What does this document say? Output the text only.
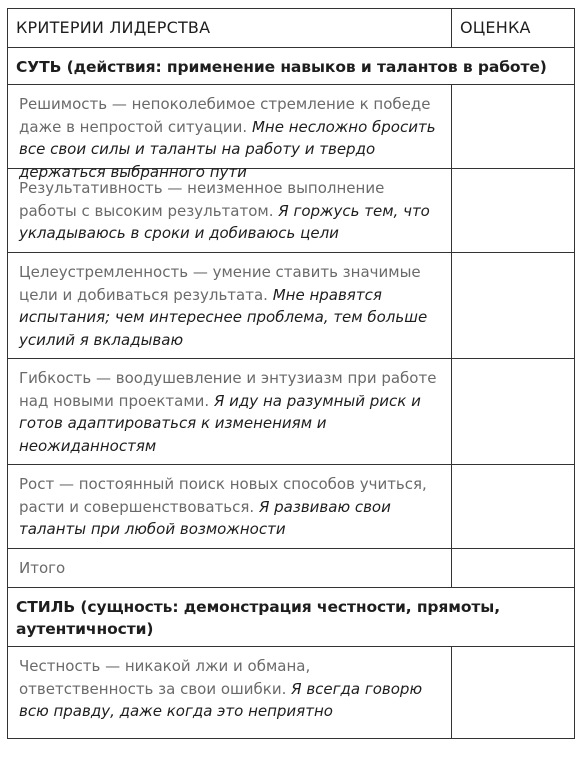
КРИТЕРИИ ЛИДЕРСТВА	ОЦЕНКА

СУТЬ (действия: применение навыков и талантов в работе)	

Решимость — непоколебимое стремление к победе даже в непростой ситуации. Мне несложно бросить все свои силы и таланты на работу и твердо держаться выбранного пути	

Результативность — неизменное выполнение работы с высоким результатом. Я горжусь тем, что укладываюсь в сроки и добиваюсь цели	

Целеустремленность — умение ставить значимые цели и добиваться результата. Мне нравятся испытания; чем интереснее проблема, тем больше усилий я вкладываю	

Гибкость — воодушевление и энтузиазм при работе над новыми проектами. Я иду на разумный риск и готов адаптироваться к изменениям и неожиданностям	

Рост — постоянный поиск новых способов учиться, расти и совершенствоваться. Я развиваю свои таланты при любой возможности	

Итого	

СТИЛЬ (сущность: демонстрация честности, прямоты, аутентичности)	

Честность — никакой лжи и обмана, ответственность за свои ошибки. Я всегда говорю всю правду, даже когда это неприятно	
